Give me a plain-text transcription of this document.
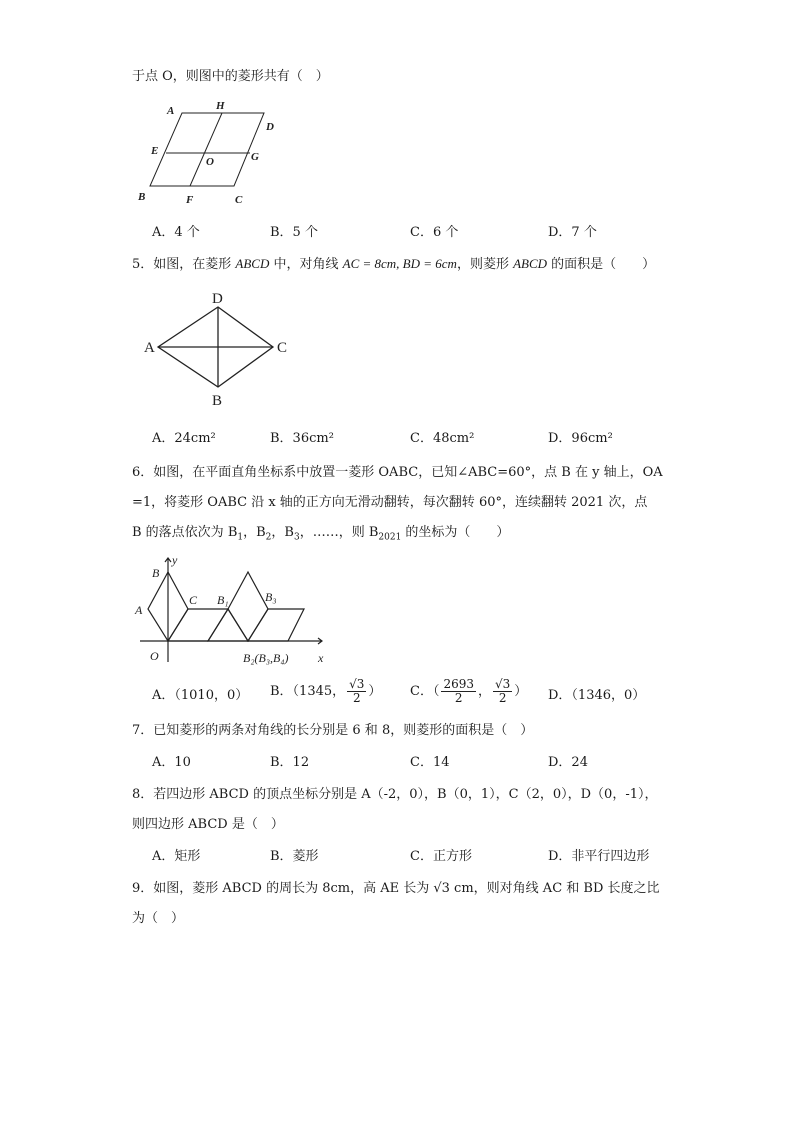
于点 O，则图中的菱形共有（　）
A	H
D
E
O	G
B	F	C
A．4 个	B．5 个	C．6 个	D．7 个
5．如图，在菱形 ABCD 中，对角线 AC = 8cm, BD = 6cm，则菱形 ABCD 的面积是（　　）
D
A	C
B
A．24cm²	B．36cm²	C．48cm²	D．96cm²
6．如图，在平面直角坐标系中放置一菱形 OABC，已知∠ABC=60°，点 B 在 y 轴上，OA
=1，将菱形 OABC 沿 x 轴的正方向无滑动翻转，每次翻转 60°，连续翻转 2021 次，点
B 的落点依次为 $B_1$，$B_2$，$B_3$，……，则 $B_{2021}$ 的坐标为（　　）
y
x
B
A
C
O
B₁	B₃
B₂(B₃,B₄)
A．（1010，0） B．（1345， $\frac{√3}{2}$ ） C．（ $\frac{2693}{2}$ ， $\frac{√3}{2}$ ） D．（1346，0）
7．已知菱形的两条对角线的长分别是 6 和 8，则菱形的面积是（　）
A．10	B．12	C．14	D．24
8．若四边形 ABCD 的顶点坐标分别是 A（-2，0），B（0，1），C（2，0），D（0，-1），
则四边形 ABCD 是（　）
A．矩形	B．菱形	C．正方形	D．非平行四边形
9．如图，菱形 ABCD 的周长为 8cm，高 AE 长为 √3 cm，则对角线 AC 和 BD 长度之比
为（　）
